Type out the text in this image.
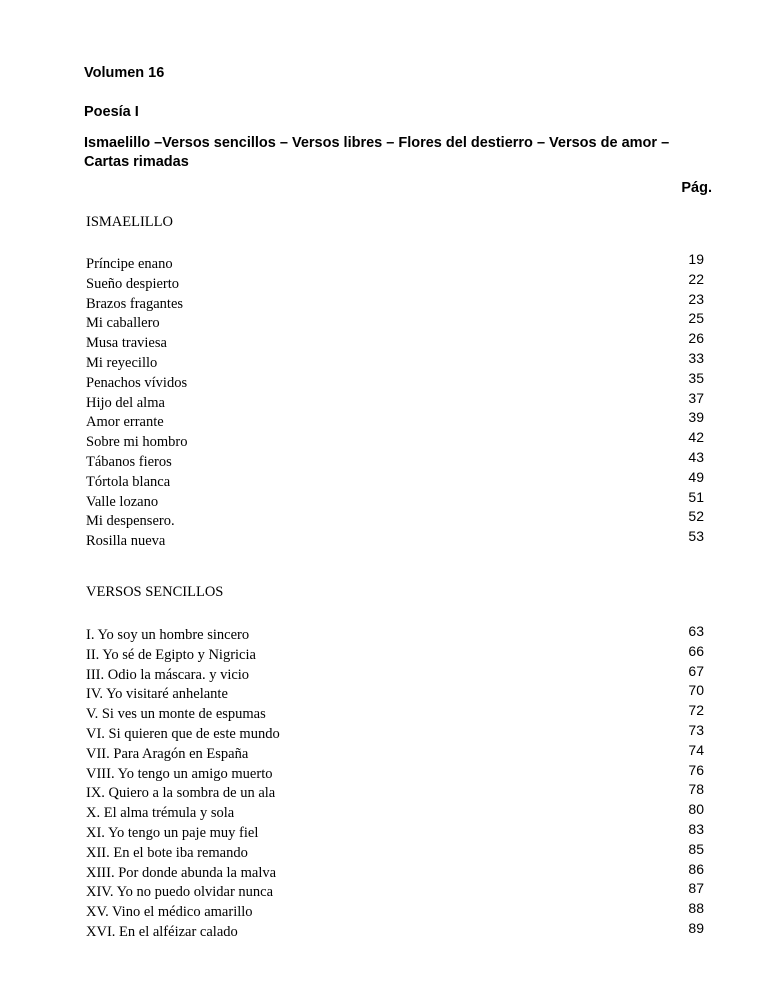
Volumen 16
Poesía I
Ismaelillo –Versos sencillos – Versos libres – Flores del destierro – Versos de amor – Cartas rimadas
Pág.
ISMAELILLO
Príncipe enano
Sueño despierto
Brazos fragantes
Mi caballero
Musa traviesa
Mi reyecillo
Penachos vívidos
Hijo del alma
Amor errante
Sobre mi hombro
Tábanos fieros
Tórtola blanca
Valle lozano
Mi despensero.
Rosilla nueva
19
22
23
25
26
33
35
37
39
42
43
49
51
52
53
VERSOS SENCILLOS
I. Yo soy un hombre sincero
II. Yo sé de Egipto y Nigricia
III. Odio la máscara. y vicio
IV. Yo visitaré anhelante
V. Si ves un monte de espumas
VI. Si quieren que de este mundo
VII. Para Aragón en España
VIII. Yo tengo un amigo muerto
IX. Quiero a la sombra de un ala
X. El alma trémula y sola
XI. Yo tengo un paje muy fiel
XII. En el bote iba remando
XIII. Por donde abunda la malva
XIV. Yo no puedo olvidar nunca
XV. Vino el médico amarillo
XVI. En el alféizar calado
63
66
67
70
72
73
74
76
78
80
83
85
86
87
88
89
